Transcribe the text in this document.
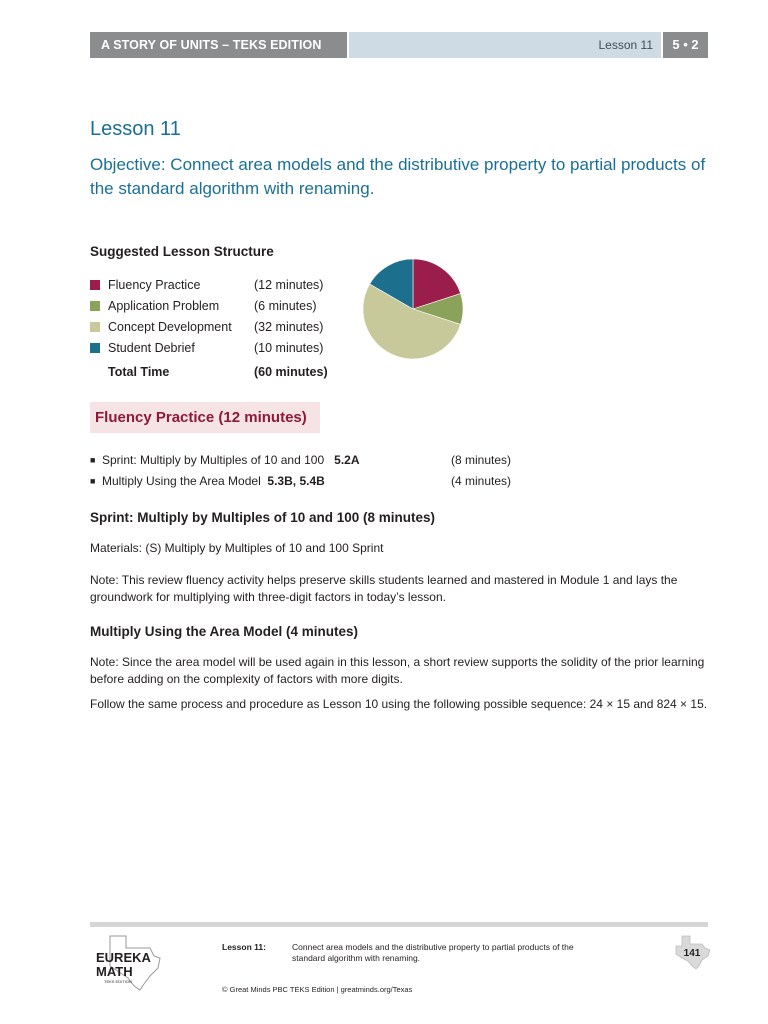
A STORY OF UNITS – TEKS EDITION	Lesson 11	5 • 2
Lesson 11
Objective: Connect area models and the distributive property to partial products of the standard algorithm with renaming.
Suggested Lesson Structure
Fluency Practice	(12 minutes)
Application Problem	(6 minutes)
Concept Development (32 minutes)
Student Debrief	(10 minutes)
Total Time	(60 minutes)
Fluency Practice (12 minutes)
■ Sprint: Multiply by Multiples of 10 and 100 5.2A	(8 minutes)
■ Multiply Using the Area Model 5.3B, 5.4B	(4 minutes)
Sprint: Multiply by Multiples of 10 and 100 (8 minutes)
Materials: (S) Multiply by Multiples of 10 and 100 Sprint
Note: This review fluency activity helps preserve skills students learned and mastered in Module 1 and lays the groundwork for multiplying with three-digit factors in today’s lesson.
Multiply Using the Area Model (4 minutes)
Note: Since the area model will be used again in this lesson, a short review supports the solidity of the prior learning before adding on the complexity of factors with more digits.
Follow the same process and procedure as Lesson 10 using the following possible sequence: 24 × 15 and 824 × 15.
EUREKA
MATH
TEKS EDITION
Lesson 11:	Connect area models and the distributive property to partial products of the standard algorithm with renaming.
© Great Minds PBC TEKS Edition | greatminds.org/Texas
141
